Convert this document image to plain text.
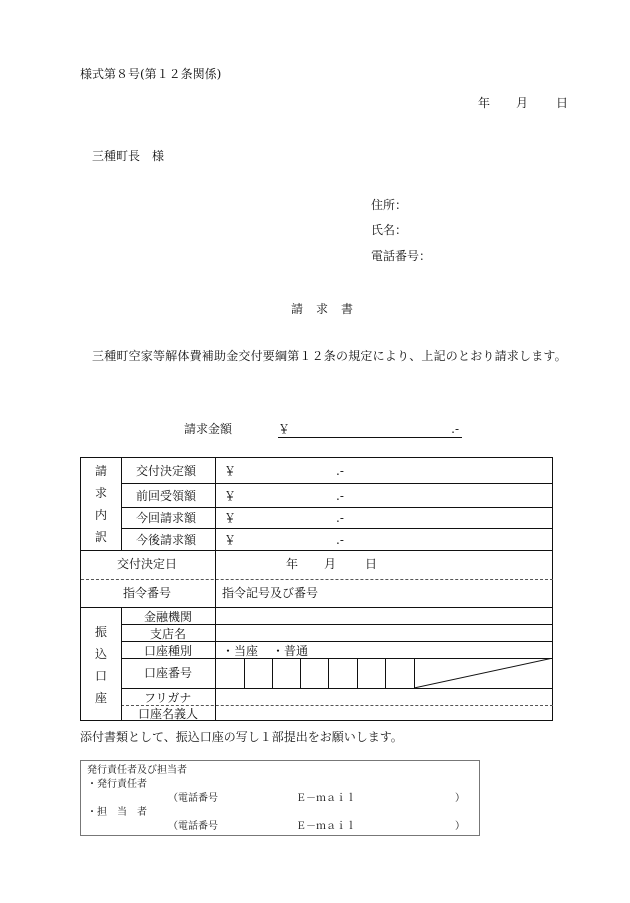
様式第８号(第１２条関係)
年 月 日
三種町長　様
住所：
氏名：
電話番号：
請求書
三種町空家等解体費補助金交付要綱第１２条の規定により、上記のとおり請求します。
請求金額	￥	.-
請
求
内
訳
交付決定額 ￥	.-
前回受領額 ￥	.-
今回請求額 ￥	.-
今後請求額 ￥	.-
交付決定日	年 月 日
指令番号	指令記号及び番号
振
込
口
座
金融機関
支店名
口座種別 ・当座 ・普通
口座番号
フリガナ
口座名義人
添付書類として、振込口座の写し１部提出をお願いします。
発行責任者及び担当者
・発行責任者
（電話番号	Ｅ－ｍａｉｌ	）
・担　当　者
（電話番号	Ｅ－ｍａｉｌ	）
